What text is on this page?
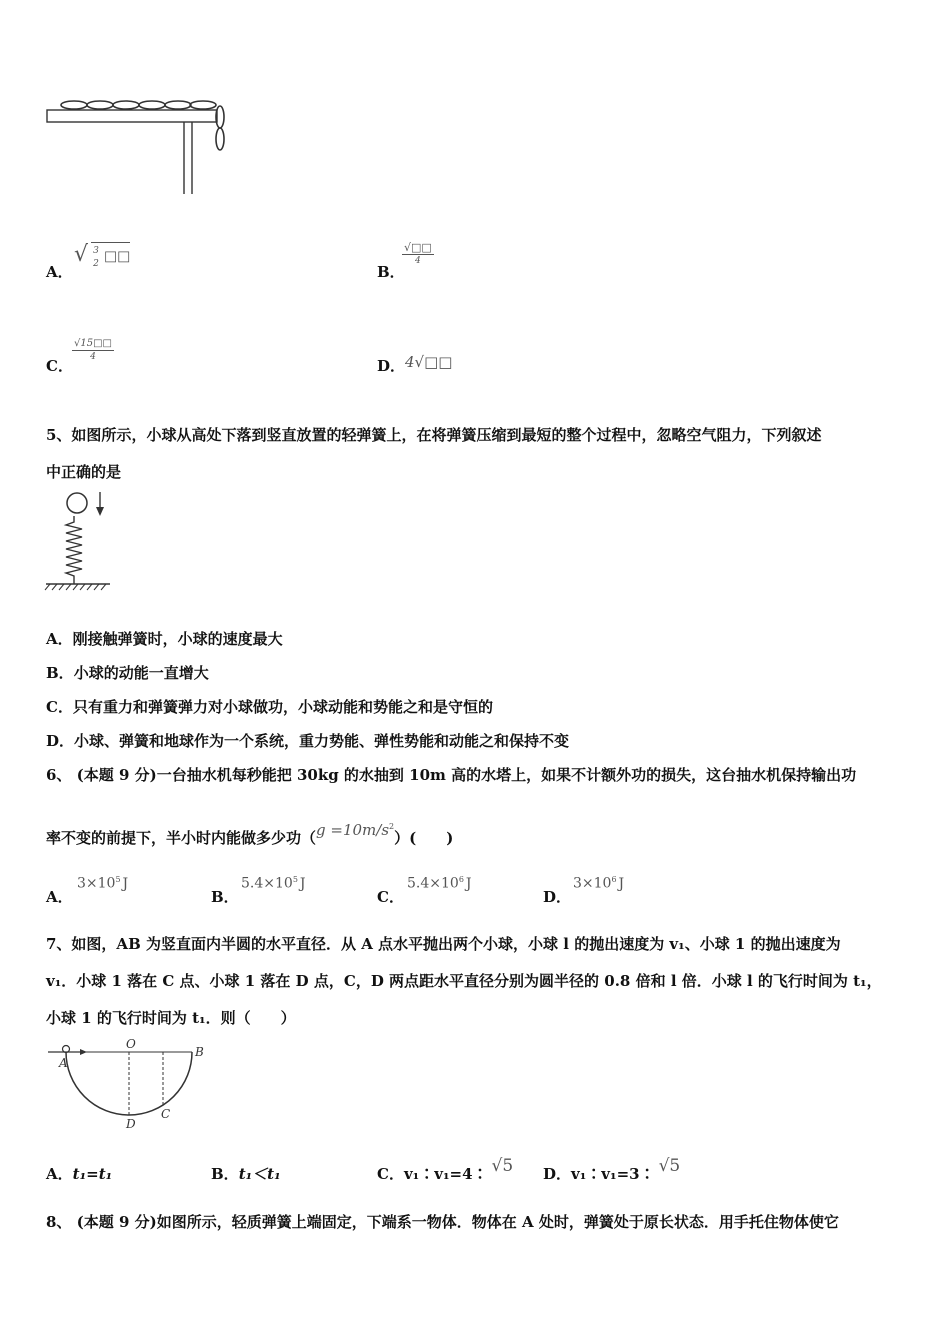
A．
√ 3
2 □□
B．
√□□
4
C．
√15□□
4	D． 4√□□
5、如图所示，小球从高处下落到竖直放置的轻弹簧上，在将弹簧压缩到最短的整个过程中，忽略空气阻力，下列叙述
中正确的是
A．刚接触弹簧时，小球的速度最大
B．小球的动能一直增大
C．只有重力和弹簧弹力对小球做功，小球动能和势能之和是守恒的
D．小球、弹簧和地球作为一个系统，重力势能、弹性势能和动能之和保持不变
6、 (本题 9 分)一台抽水机每秒能把 30kg 的水抽到 10m 高的水塔上，如果不计额外功的损失，这台抽水机保持输出功
率不变的前提下，半小时内能做多少功$(g =10m/s^2)$(　　)
A．
$3\times 10^5$ J
B．
$5.4\times 10^5$ J
C．
$5.4\times 10^6$ J
D．
$3\times 10^6$ J
7、如图，AB 为竖直面内半圆的水平直径．从 A 点水平抛出两个小球，小球 l 的抛出速度为 v₁、小球 1 的抛出速度为
v₁．小球 1 落在 C 点、小球 1 落在 D 点，C，D 两点距水平直径分别为圆半径的 0.8 倍和 l 倍．小球 l 的飞行时间为 t₁，
小球 1 的飞行时间为 t₁．则（　　）
A
O
B
C
D
A．t₁=t₁	B．t₁＜t₁	C．v₁∶v₁=4∶ √5 D．v₁∶v₁=3∶ √5
8、 (本题 9 分)如图所示，轻质弹簧上端固定，下端系一物体．物体在 A 处时，弹簧处于原长状态．用手托住物体使它
